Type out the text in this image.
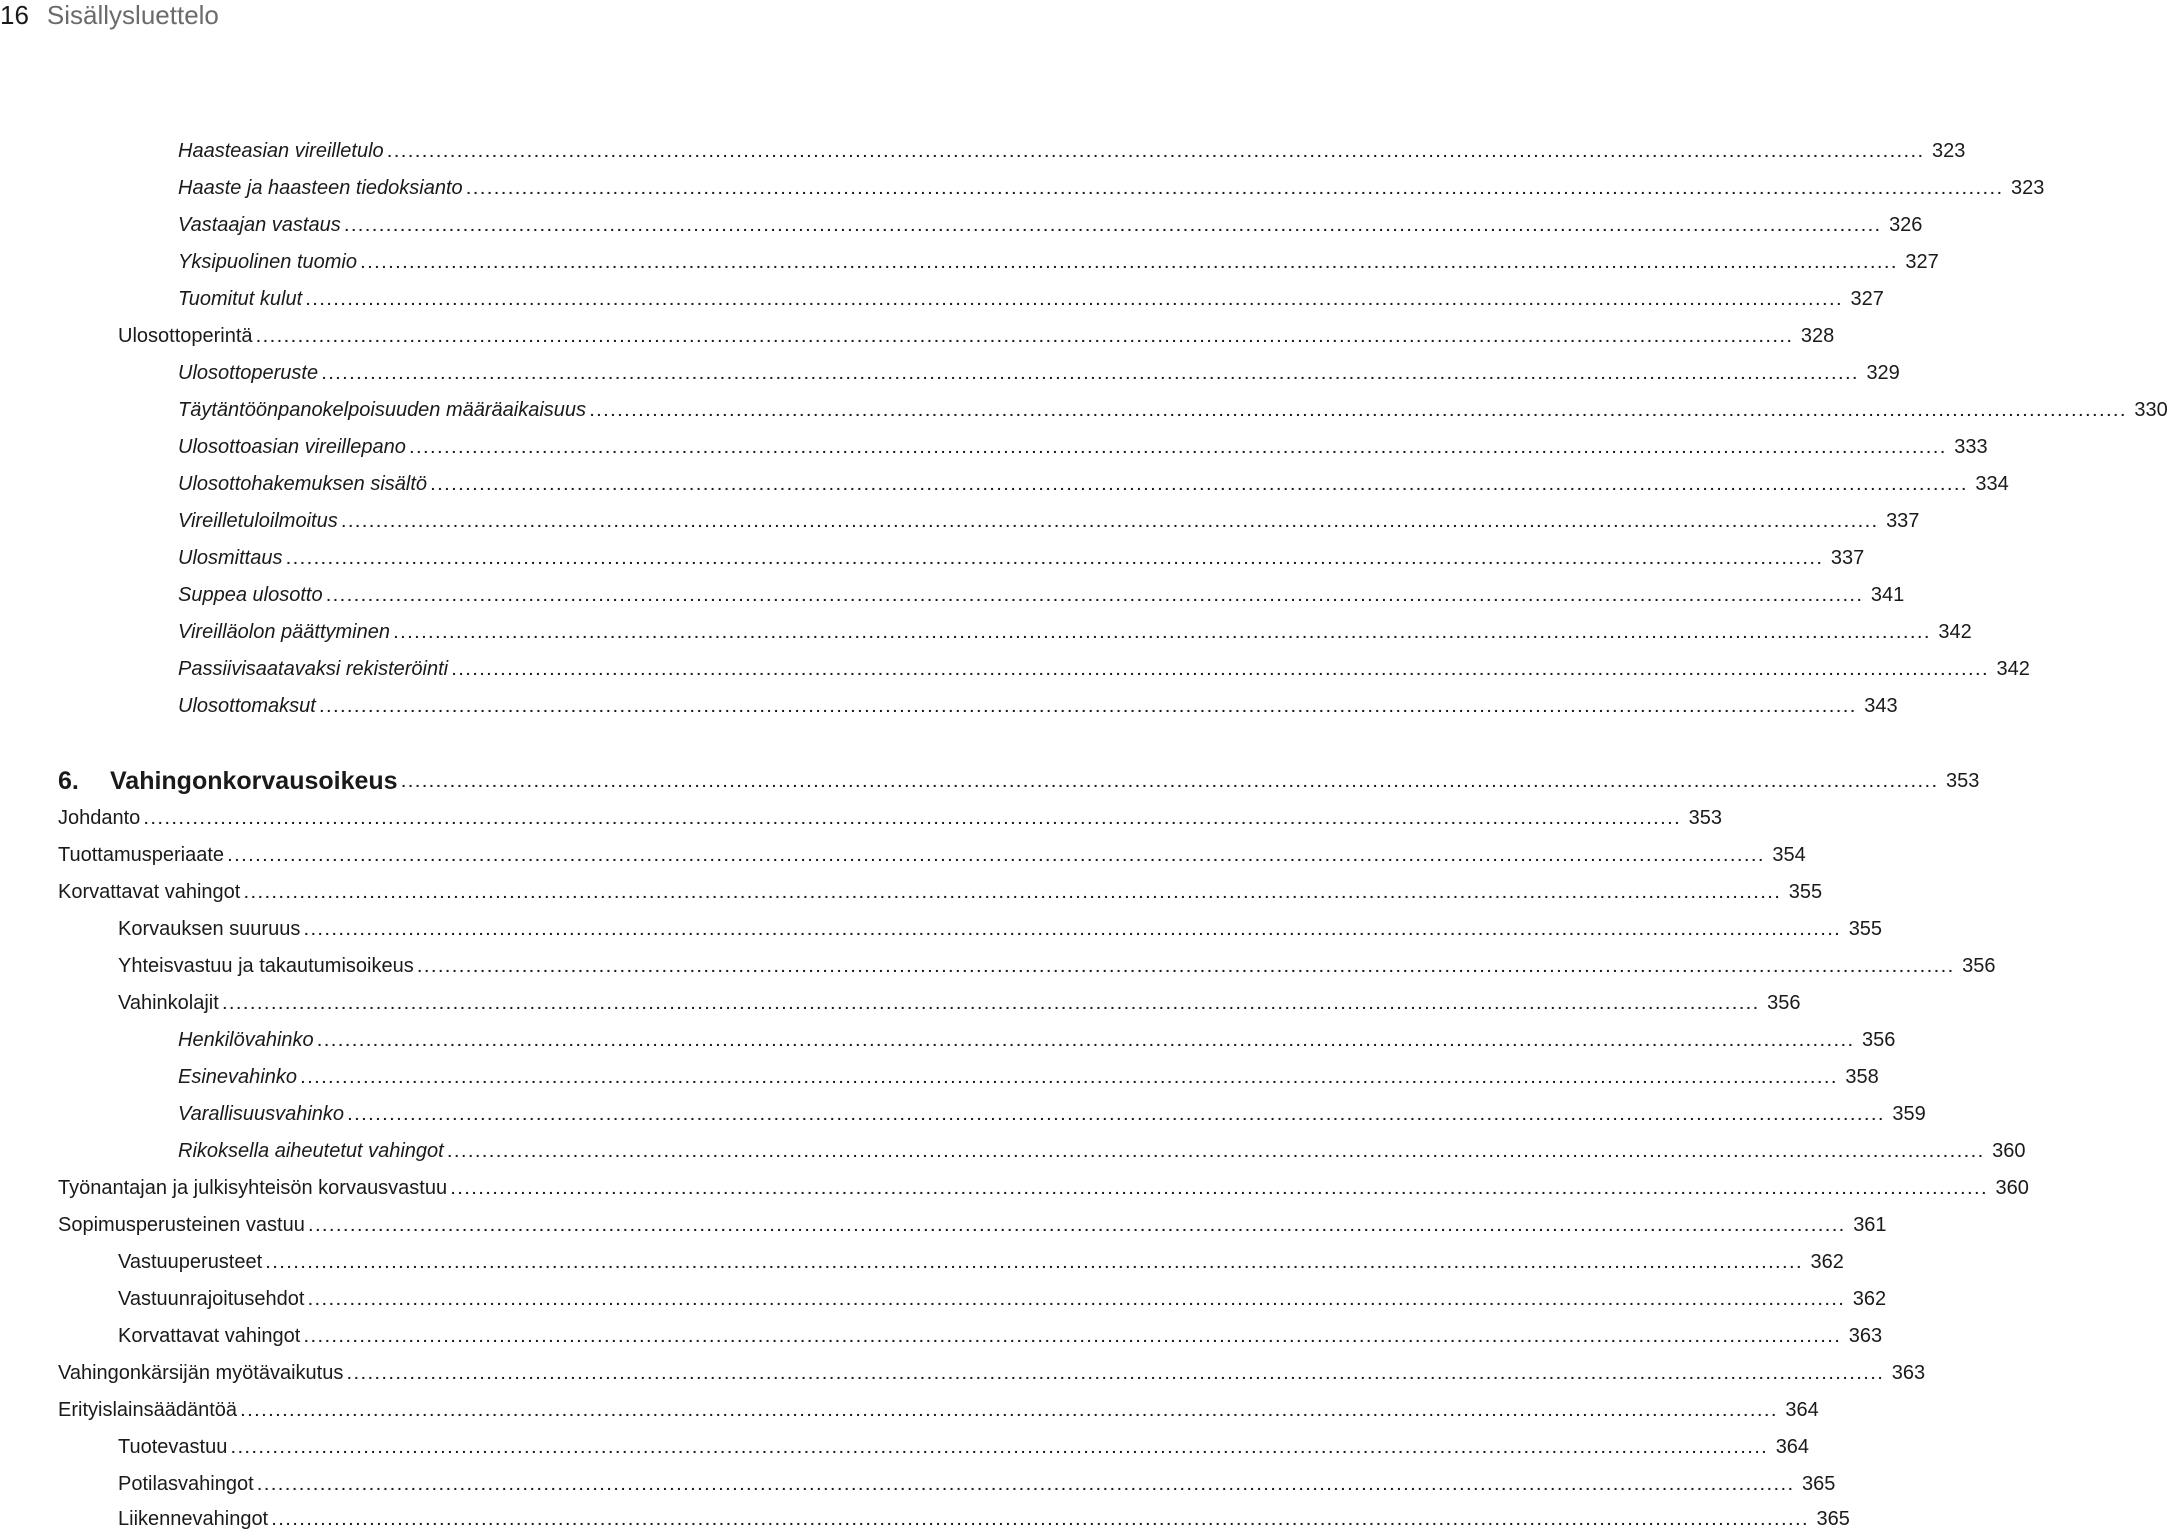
16 Sisällysluettelo
Haasteasian vireilletulo ............................................................................................................................................................................................................................ 323
Haaste ja haasteen tiedoksianto ............................................................................................................................................................................................................................ 323
Vastaajan vastaus ............................................................................................................................................................................................................................ 326
Yksipuolinen tuomio ............................................................................................................................................................................................................................ 327
Tuomitut kulut ............................................................................................................................................................................................................................ 327
Ulosottoperintä ............................................................................................................................................................................................................................ 328
Ulosottoperuste ............................................................................................................................................................................................................................ 329
Täytäntöönpanokelpoisuuden määräaikaisuus ............................................................................................................................................................................................................................ 330
Ulosottoasian vireillepano ............................................................................................................................................................................................................................ 333
Ulosottohakemuksen sisältö ............................................................................................................................................................................................................................ 334
Vireilletuloilmoitus ............................................................................................................................................................................................................................ 337
Ulosmittaus ............................................................................................................................................................................................................................ 337
Suppea ulosotto ............................................................................................................................................................................................................................ 341
Vireilläolon päättyminen ............................................................................................................................................................................................................................ 342
Passiivisaatavaksi rekisteröinti ............................................................................................................................................................................................................................ 342
Ulosottomaksut ............................................................................................................................................................................................................................ 343
6. Vahingonkorvausoikeus ............................................................................................................................................................................................................................ 353
Johdanto ............................................................................................................................................................................................................................ 353
Tuottamusperiaate ............................................................................................................................................................................................................................ 354
Korvattavat vahingot ............................................................................................................................................................................................................................ 355
Korvauksen suuruus ............................................................................................................................................................................................................................ 355
Yhteisvastuu ja takautumisoikeus ............................................................................................................................................................................................................................ 356
Vahinkolajit ............................................................................................................................................................................................................................ 356
Henkilövahinko ............................................................................................................................................................................................................................ 356
Esinevahinko ............................................................................................................................................................................................................................ 358
Varallisuusvahinko ............................................................................................................................................................................................................................ 359
Rikoksella aiheutetut vahingot ............................................................................................................................................................................................................................ 360
Työnantajan ja julkisyhteisön korvausvastuu ............................................................................................................................................................................................................................ 360
Sopimusperusteinen vastuu ............................................................................................................................................................................................................................ 361
Vastuuperusteet ............................................................................................................................................................................................................................ 362
Vastuunrajoitusehdot ............................................................................................................................................................................................................................ 362
Korvattavat vahingot ............................................................................................................................................................................................................................ 363
Vahingonkärsijän myötävaikutus ............................................................................................................................................................................................................................ 363
Erityislainsäädäntöä ............................................................................................................................................................................................................................ 364
Tuotevastuu ............................................................................................................................................................................................................................ 364
Potilasvahingot ............................................................................................................................................................................................................................ 365
Liikennevahingot ............................................................................................................................................................................................................................ 365
